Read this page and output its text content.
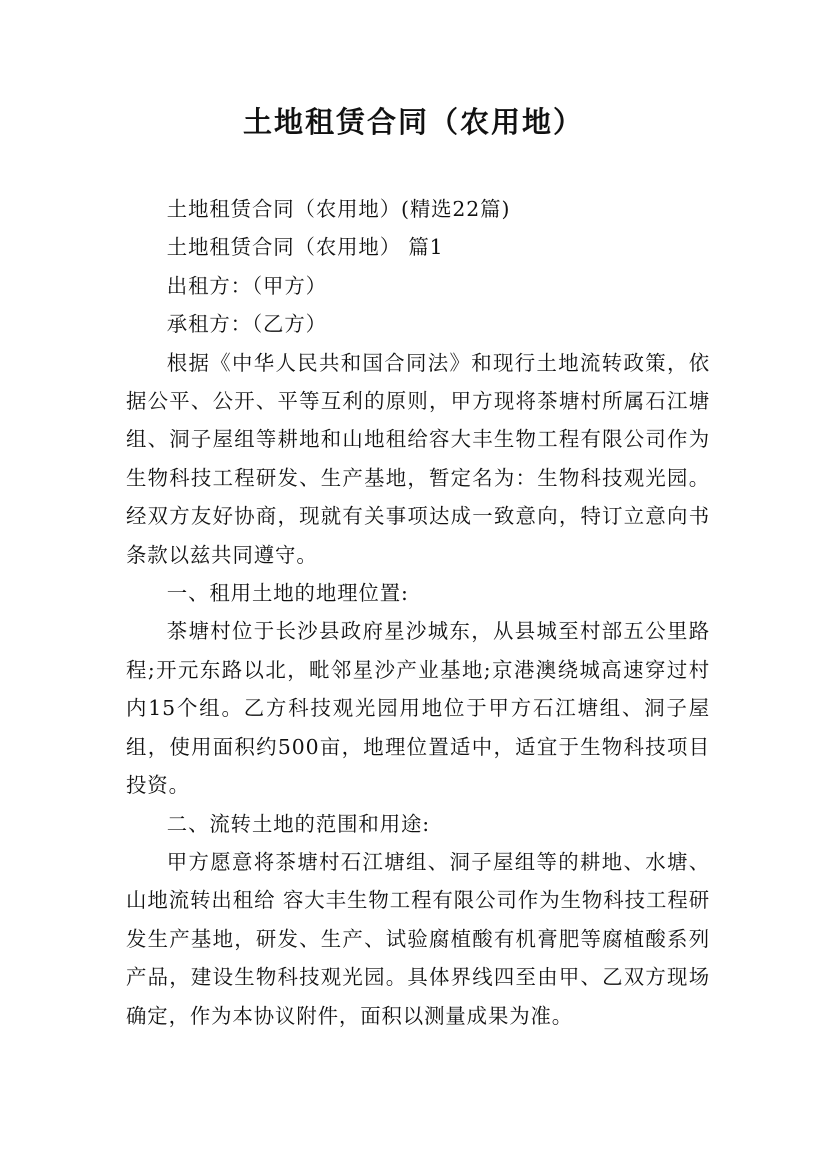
土地租赁合同（农用地）

土地租赁合同（农用地）(精选22篇)

土地租赁合同（农用地） 篇1

出租方：（甲方）

承租方：（乙方）

根据《中华人民共和国合同法》和现行土地流转政策，依据公平、公开、平等互利的原则，甲方现将茶塘村所属石江塘组、洞子屋组等耕地和山地租给容大丰生物工程有限公司作为生物科技工程研发、生产基地，暂定名为：生物科技观光园。经双方友好协商，现就有关事项达成一致意向，特订立意向书条款以兹共同遵守。

一、租用土地的地理位置:

茶塘村位于长沙县政府星沙城东，从县城至村部五公里路程;开元东路以北，毗邻星沙产业基地;京港澳绕城高速穿过村内15个组。乙方科技观光园用地位于甲方石江塘组、洞子屋组，使用面积约500亩，地理位置适中，适宜于生物科技项目投资。

二、流转土地的范围和用途:

甲方愿意将茶塘村石江塘组、洞子屋组等的耕地、水塘、山地流转出租给 容大丰生物工程有限公司作为生物科技工程研发生产基地，研发、生产、试验腐植酸有机膏肥等腐植酸系列产品，建设生物科技观光园。具体界线四至由甲、乙双方现场确定，作为本协议附件，面积以测量成果为准。
